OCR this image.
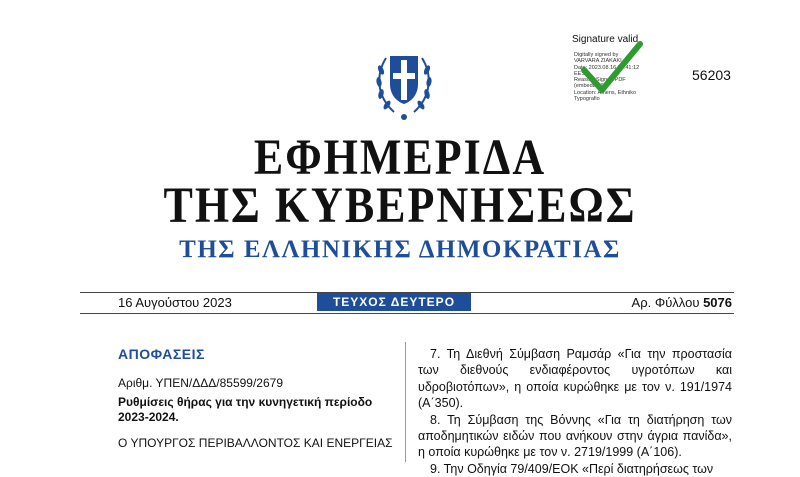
Signature valid
Digitally signed by
VARVARA ZIAKAKI
Date: 2023.08.16 23:41:12
EEST
Reason: Signed PDF
(embedded)
Location: Athens, Ethniko
Typografio
56203
ΕΦΗΜΕΡΙΔΑ
ΤΗΣ ΚΥΒΕΡΝΗΣΕΩΣ
ΤΗΣ ΕΛΛΗΝΙΚΗΣ ΔΗΜΟΚΡΑΤΙΑΣ
16 Αυγούστου 2023	ΤΕΥΧΟΣ ΔΕΥΤΕΡΟ	Αρ. Φύλλου 5076
ΑΠΟΦΑΣΕΙΣ
Αριθμ. ΥΠΕΝ/ΔΔΔ/85599/2679
Ρυθμίσεις θήρας για την κυνηγετική περίοδο 2023-2024.
Ο ΥΠΟΥΡΓΟΣ ΠΕΡΙΒΑΛΛΟΝΤΟΣ ΚΑΙ ΕΝΕΡΓΕΙΑΣ

7. Τη Διεθνή Σύμβαση Ραμσάρ «Για την προστασία των διεθνούς ενδιαφέροντος υγροτόπων και υδροβιοτόπων», η οποία κυρώθηκε με τον ν. 191/1974 (Α΄350).

8. Τη Σύμβαση της Βόννης «Για τη διατήρηση των αποδημητικών ειδών που ανήκουν στην άγρια πανίδα», η οποία κυρώθηκε με τον ν. 2719/1999 (Α΄106).

9. Την Οδηγία 79/409/ΕΟΚ «Περί διατηρήσεως των
